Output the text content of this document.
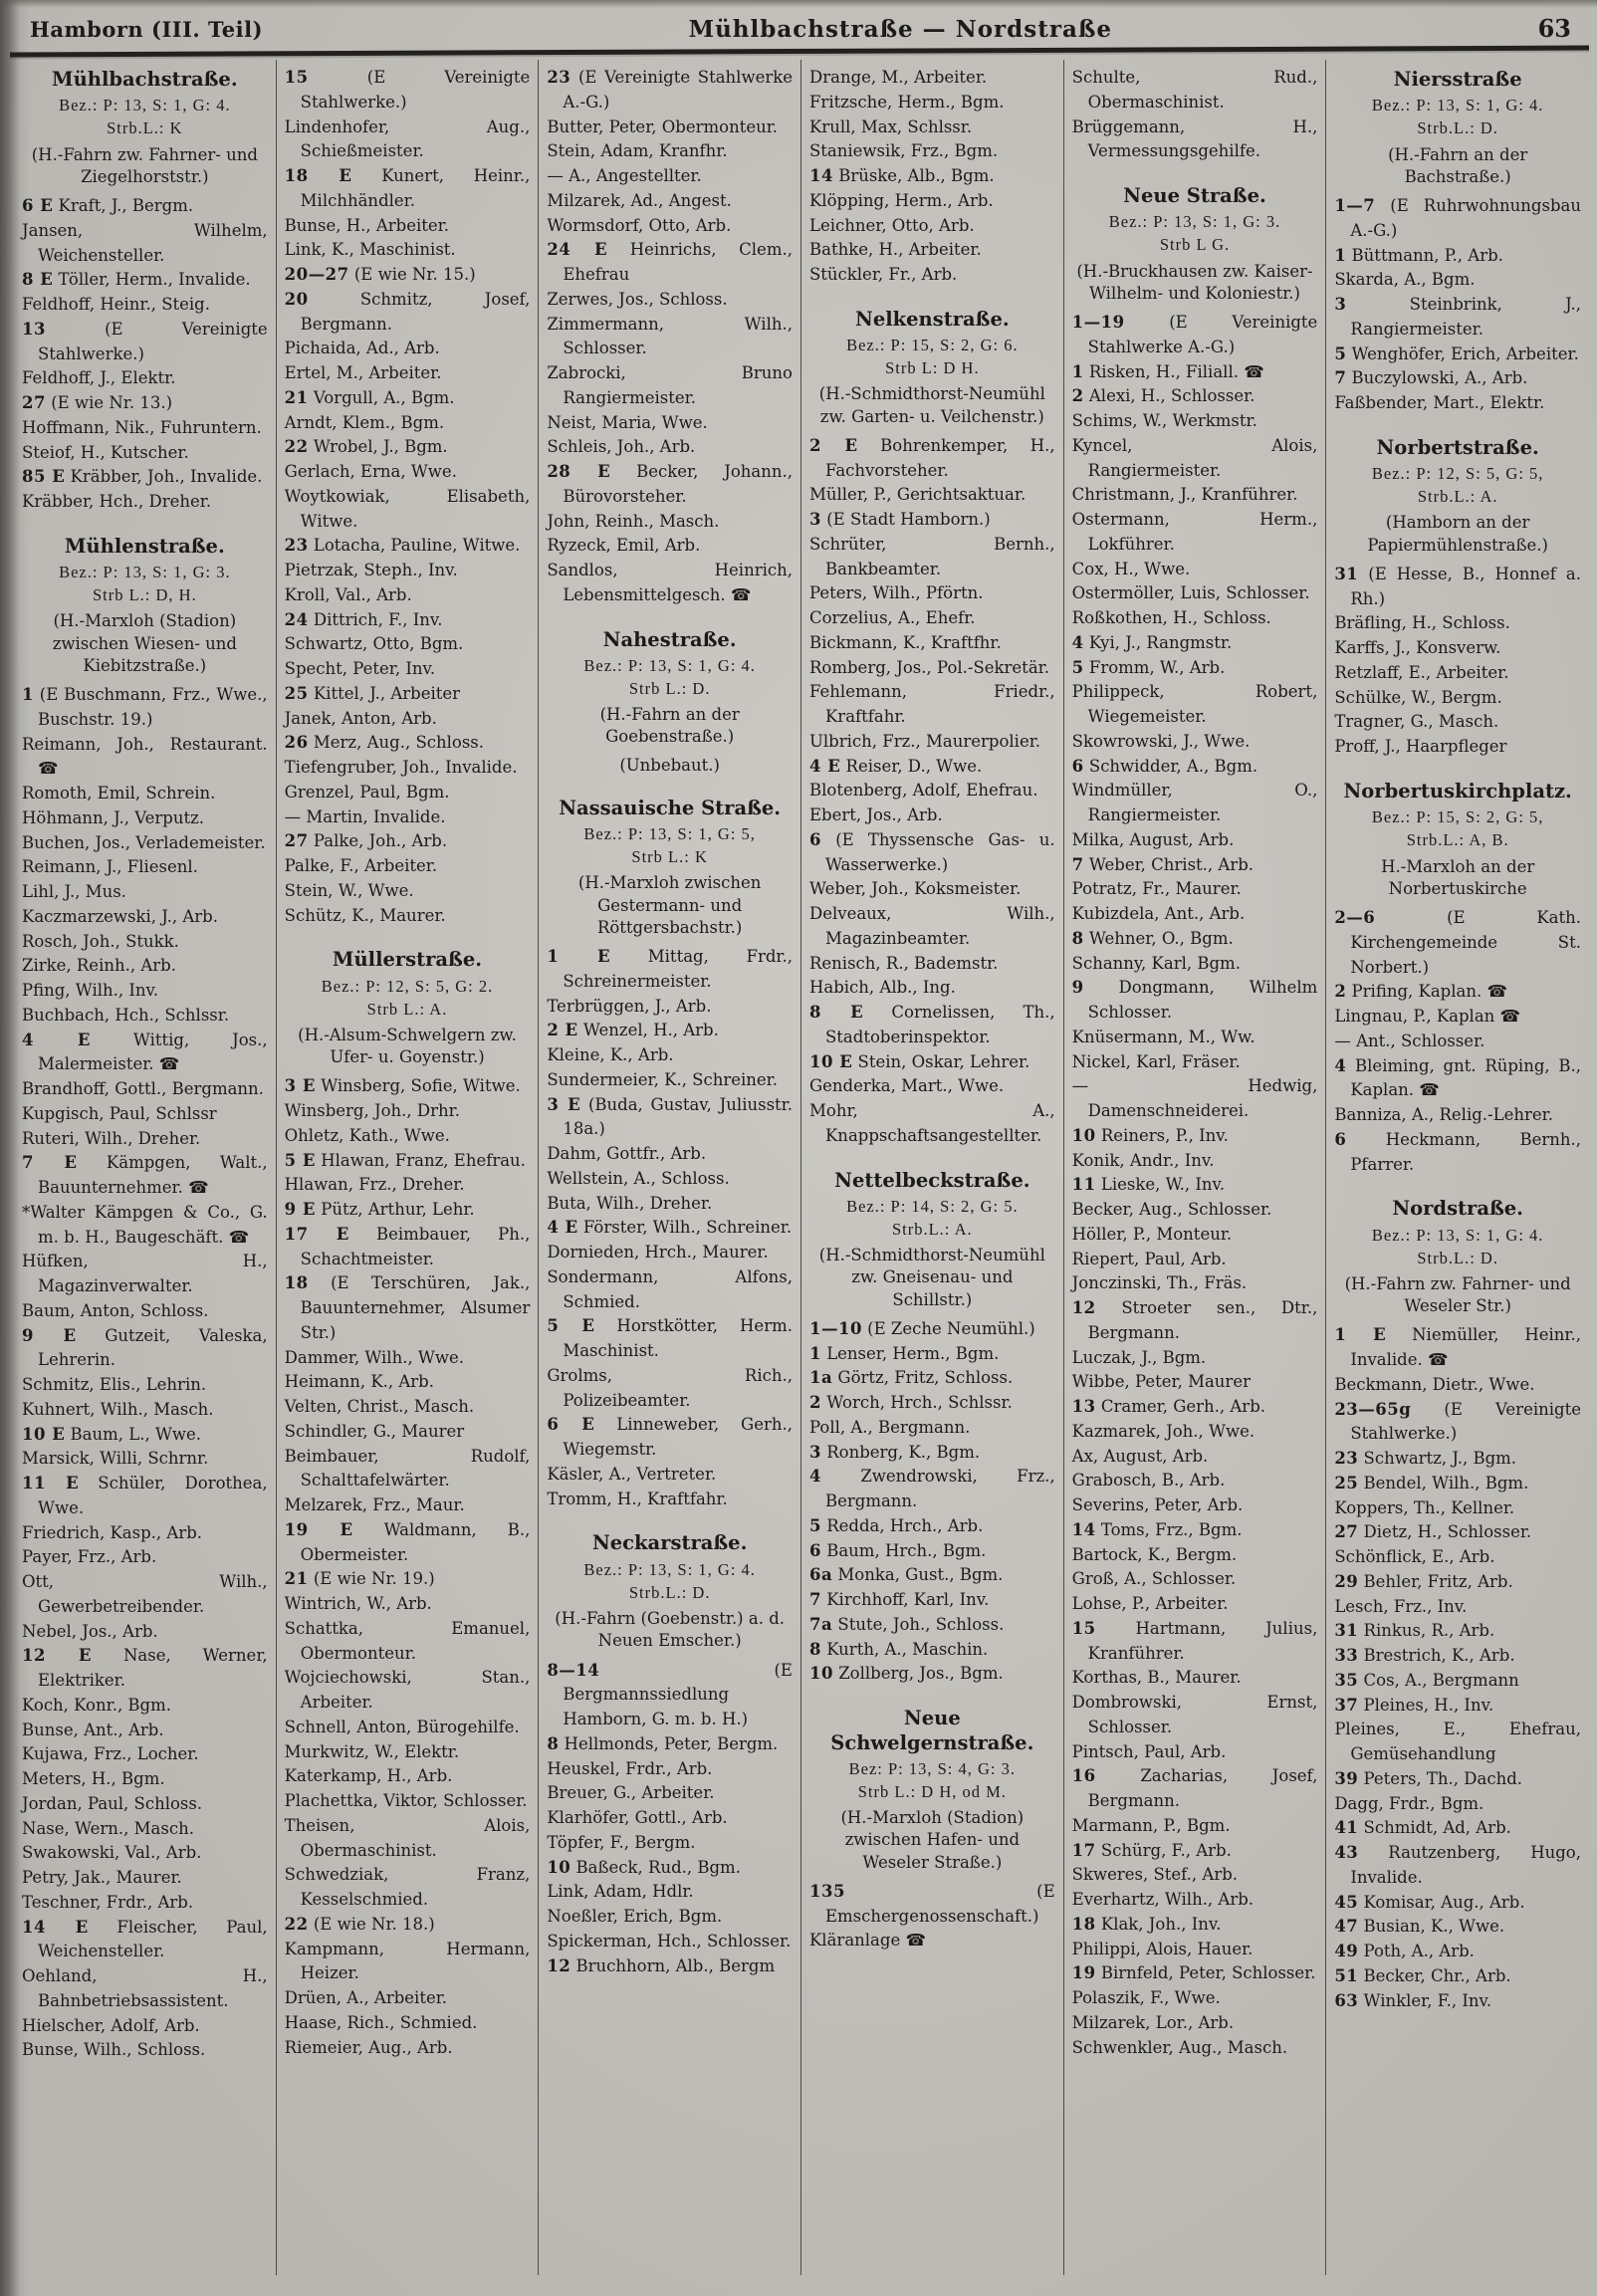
Hamborn (III. Teil)	Mühlbachstraße — Nordstraße	63
Mühlbachstraße.
Bez.: P: 13, S: 1, G: 4.
Strb.L.: K
(H.-Fahrn zw. Fahrner- und Ziegelhorststr.)
6 E Kraft, J., Bergm.
Jansen, Wilhelm, Weichensteller.
8 E Töller, Herm., Invalide.
Feldhoff, Heinr., Steig.
13 (E Vereinigte Stahlwerke.)
Feldhoff, J., Elektr.
27 (E wie Nr. 13.)
Hoffmann, Nik., Fuhruntern.
Steiof, H., Kutscher.
85 E Kräbber, Joh., Invalide.
Kräbber, Hch., Dreher.
Mühlenstraße.
Bez.: P: 13, S: 1, G: 3.
Strb L.: D, H.
(H.-Marxloh (Stadion) zwischen Wiesen- und Kiebitzstraße.)
1 (E Buschmann, Frz., Wwe., Buschstr. 19.)
Reimann, Joh., Restaurant. ☎
Romoth, Emil, Schrein.
Höhmann, J., Verputz.
Buchen, Jos., Verlademeister.
Reimann, J., Fliesenl.
Lihl, J., Mus.
Kaczmarzewski, J., Arb.
Rosch, Joh., Stukk.
Zirke, Reinh., Arb.
Pfing, Wilh., Inv.
Buchbach, Hch., Schlssr.
4 E Wittig, Jos., Malermeister. ☎
Brandhoff, Gottl., Bergmann.
Kupgisch, Paul, Schlssr
Ruteri, Wilh., Dreher.
7 E Kämpgen, Walt., Bauunternehmer. ☎
*Walter Kämpgen & Co., G. m. b. H., Baugeschäft. ☎
Hüfken, H., Magazinverwalter.
Baum, Anton, Schloss.
9 E Gutzeit, Valeska, Lehrerin.
Schmitz, Elis., Lehrin.
Kuhnert, Wilh., Masch.
10 E Baum, L., Wwe.
Marsick, Willi, Schrnr.
11 E Schüler, Dorothea, Wwe.
Friedrich, Kasp., Arb.
Payer, Frz., Arb.
Ott, Wilh., Gewerbetreibender.
Nebel, Jos., Arb.
12 E Nase, Werner, Elektriker.
Koch, Konr., Bgm.
Bunse, Ant., Arb.
Kujawa, Frz., Locher.
Meters, H., Bgm.
Jordan, Paul, Schloss.
Nase, Wern., Masch.
Swakowski, Val., Arb.
Petry, Jak., Maurer.
Teschner, Frdr., Arb.
14 E Fleischer, Paul, Weichensteller.
Oehland, H., Bahnbetriebsassistent.
Hielscher, Adolf, Arb.
Bunse, Wilh., Schloss.
15 (E Vereinigte Stahlwerke.)
Lindenhofer, Aug., Schießmeister.
18 E Kunert, Heinr., Milchhändler.
Bunse, H., Arbeiter.
Link, K., Maschinist.
20—27 (E wie Nr. 15.)
20 Schmitz, Josef, Bergmann.
Pichaida, Ad., Arb.
Ertel, M., Arbeiter.
21 Vorgull, A., Bgm.
Arndt, Klem., Bgm.
22 Wrobel, J., Bgm.
Gerlach, Erna, Wwe.
Woytkowiak, Elisabeth, Witwe.
23 Lotacha, Pauline, Witwe.
Pietrzak, Steph., Inv.
Kroll, Val., Arb.
24 Dittrich, F., Inv.
Schwartz, Otto, Bgm.
Specht, Peter, Inv.
25 Kittel, J., Arbeiter
Janek, Anton, Arb.
26 Merz, Aug., Schloss.
Tiefengruber, Joh., Invalide.
Grenzel, Paul, Bgm.
— Martin, Invalide.
27 Palke, Joh., Arb.
Palke, F., Arbeiter.
Stein, W., Wwe.
Schütz, K., Maurer.
Müllerstraße.
Bez.: P: 12, S: 5, G: 2.
Strb L.: A.
(H.-Alsum-Schwelgern zw. Ufer- u. Goyenstr.)
3 E Winsberg, Sofie, Witwe.
Winsberg, Joh., Drhr.
Ohletz, Kath., Wwe.
5 E Hlawan, Franz, Ehefrau.
Hlawan, Frz., Dreher.
9 E Pütz, Arthur, Lehr.
17 E Beimbauer, Ph., Schachtmeister.
18 (E Terschüren, Jak., Bauunternehmer, Alsumer Str.)
Dammer, Wilh., Wwe.
Heimann, K., Arb.
Velten, Christ., Masch.
Schindler, G., Maurer
Beimbauer, Rudolf, Schalttafelwärter.
Melzarek, Frz., Maur.
19 E Waldmann, B., Obermeister.
21 (E wie Nr. 19.)
Wintrich, W., Arb.
Schattka, Emanuel, Obermonteur.
Wojciechowski, Stan., Arbeiter.
Schnell, Anton, Bürogehilfe.
Murkwitz, W., Elektr.
Katerkamp, H., Arb.
Plachettka, Viktor, Schlosser.
Theisen, Alois, Obermaschinist.
Schwedziak, Franz, Kesselschmied.
22 (E wie Nr. 18.)
Kampmann, Hermann, Heizer.
Drüen, A., Arbeiter.
Haase, Rich., Schmied.
Riemeier, Aug., Arb.
23 (E Vereinigte Stahlwerke A.-G.)
Butter, Peter, Obermonteur.
Stein, Adam, Kranfhr.
— A., Angestellter.
Milzarek, Ad., Angest.
Wormsdorf, Otto, Arb.
24 E Heinrichs, Clem., Ehefrau
Zerwes, Jos., Schloss.
Zimmermann, Wilh., Schlosser.
Zabrocki, Bruno Rangiermeister.
Neist, Maria, Wwe.
Schleis, Joh., Arb.
28 E Becker, Johann., Bürovorsteher.
John, Reinh., Masch.
Ryzeck, Emil, Arb.
Sandlos, Heinrich, Lebensmittelgesch. ☎
Nahestraße.
Bez.: P: 13, S: 1, G: 4.
Strb L.: D.
(H.-Fahrn an der Goebenstraße.)
(Unbebaut.)
Nassauische Straße.
Bez.: P: 13, S: 1, G: 5,
Strb L.: K
(H.-Marxloh zwischen Gestermann- und Röttgersbachstr.)
1 E Mittag, Frdr., Schreinermeister.
Terbrüggen, J., Arb.
2 E Wenzel, H., Arb.
Kleine, K., Arb.
Sundermeier, K., Schreiner.
3 E (Buda, Gustav, Juliusstr. 18a.)
Dahm, Gottfr., Arb.
Wellstein, A., Schloss.
Buta, Wilh., Dreher.
4 E Förster, Wilh., Schreiner.
Dornieden, Hrch., Maurer.
Sondermann, Alfons, Schmied.
5 E Horstkötter, Herm. Maschinist.
Grolms, Rich., Polizeibeamter.
6 E Linneweber, Gerh., Wiegemstr.
Käsler, A., Vertreter.
Tromm, H., Kraftfahr.
Neckarstraße.
Bez.: P: 13, S: 1, G: 4.
Strb.L.: D.
(H.-Fahrn (Goebenstr.) a. d. Neuen Emscher.)
8—14 (E Bergmannssiedlung Hamborn, G. m. b. H.)
8 Hellmonds, Peter, Bergm.
Heuskel, Frdr., Arb.
Breuer, G., Arbeiter.
Klarhöfer, Gottl., Arb.
Töpfer, F., Bergm.
10 Baßeck, Rud., Bgm.
Link, Adam, Hdlr.
Noeßler, Erich, Bgm.
Spickerman, Hch., Schlosser.
12 Bruchhorn, Alb., Bergm
Drange, M., Arbeiter.
Fritzsche, Herm., Bgm.
Krull, Max, Schlssr.
Staniewsik, Frz., Bgm.
14 Brüske, Alb., Bgm.
Klöpping, Herm., Arb.
Leichner, Otto, Arb.
Bathke, H., Arbeiter.
Stückler, Fr., Arb.
Nelkenstraße.
Bez.: P: 15, S: 2, G: 6.
Strb L: D H.
(H.-Schmidthorst-Neumühl zw. Garten- u. Veilchenstr.)
2 E Bohrenkemper, H., Fachvorsteher.
Müller, P., Gerichtsaktuar.
3 (E Stadt Hamborn.)
Schrüter, Bernh., Bankbeamter.
Peters, Wilh., Pförtn.
Corzelius, A., Ehefr.
Bickmann, K., Kraftfhr.
Romberg, Jos., Pol.-Sekretär.
Fehlemann, Friedr., Kraftfahr.
Ulbrich, Frz., Maurerpolier.
4 E Reiser, D., Wwe.
Blotenberg, Adolf, Ehefrau.
Ebert, Jos., Arb.
6 (E Thyssensche Gas- u. Wasserwerke.)
Weber, Joh., Koksmeister.
Delveaux, Wilh., Magazinbeamter.
Renisch, R., Bademstr.
Habich, Alb., Ing.
8 E Cornelissen, Th., Stadtoberinspektor.
10 E Stein, Oskar, Lehrer.
Genderka, Mart., Wwe.
Mohr, A., Knappschaftsangestellter.
Nettelbeckstraße.
Bez.: P: 14, S: 2, G: 5.
Strb.L.: A.
(H.-Schmidthorst-Neumühl zw. Gneisenau- und Schillstr.)
1—10 (E Zeche Neumühl.)
1 Lenser, Herm., Bgm.
1a Görtz, Fritz, Schloss.
2 Worch, Hrch., Schlssr.
Poll, A., Bergmann.
3 Ronberg, K., Bgm.
4 Zwendrowski, Frz., Bergmann.
5 Redda, Hrch., Arb.
6 Baum, Hrch., Bgm.
6a Monka, Gust., Bgm.
7 Kirchhoff, Karl, Inv.
7a Stute, Joh., Schloss.
8 Kurth, A., Maschin.
10 Zollberg, Jos., Bgm.
Neue Schwelgernstraße.
Bez: P: 13, S: 4, G: 3.
Strb L.: D H, od M.
(H.-Marxloh (Stadion) zwischen Hafen- und Weseler Straße.)
135 (E Emschergenossenschaft.)
Kläranlage ☎
Schulte, Rud., Obermaschinist.
Brüggemann, H., Vermessungsgehilfe.
Neue Straße.
Bez.: P: 13, S: 1, G: 3.
Strb L G.
(H.-Bruckhausen zw. Kaiser-Wilhelm- und Koloniestr.)
1—19 (E Vereinigte Stahlwerke A.-G.)
1 Risken, H., Filiall. ☎
2 Alexi, H., Schlosser.
Schims, W., Werkmstr.
Kyncel, Alois, Rangiermeister.
Christmann, J., Kranführer.
Ostermann, Herm., Lokführer.
Cox, H., Wwe.
Ostermöller, Luis, Schlosser.
Roßkothen, H., Schloss.
4 Kyi, J., Rangmstr.
5 Fromm, W., Arb.
Philippeck, Robert, Wiegemeister.
Skowrowski, J., Wwe.
6 Schwidder, A., Bgm.
Windmüller, O., Rangiermeister.
Milka, August, Arb.
7 Weber, Christ., Arb.
Potratz, Fr., Maurer.
Kubizdela, Ant., Arb.
8 Wehner, O., Bgm.
Schanny, Karl, Bgm.
9 Dongmann, Wilhelm Schlosser.
Knüsermann, M., Ww.
Nickel, Karl, Fräser.
— Hedwig, Damenschneiderei.
10 Reiners, P., Inv.
Konik, Andr., Inv.
11 Lieske, W., Inv.
Becker, Aug., Schlosser.
Höller, P., Monteur.
Riepert, Paul, Arb.
Jonczinski, Th., Fräs.
12 Stroeter sen., Dtr., Bergmann.
Luczak, J., Bgm.
Wibbe, Peter, Maurer
13 Cramer, Gerh., Arb.
Kazmarek, Joh., Wwe.
Ax, August, Arb.
Grabosch, B., Arb.
Severins, Peter, Arb.
14 Toms, Frz., Bgm.
Bartock, K., Bergm.
Groß, A., Schlosser.
Lohse, P., Arbeiter.
15 Hartmann, Julius, Kranführer.
Korthas, B., Maurer.
Dombrowski, Ernst, Schlosser.
Pintsch, Paul, Arb.
16 Zacharias, Josef, Bergmann.
Marmann, P., Bgm.
17 Schürg, F., Arb.
Skweres, Stef., Arb.
Everhartz, Wilh., Arb.
18 Klak, Joh., Inv.
Philippi, Alois, Hauer.
19 Birnfeld, Peter, Schlosser.
Polaszik, F., Wwe.
Milzarek, Lor., Arb.
Schwenkler, Aug., Masch.
Niersstraße
Bez.: P: 13, S: 1, G: 4.
Strb.L.: D.
(H.-Fahrn an der Bachstraße.)
1—7 (E Ruhrwohnungsbau A.-G.)
1 Büttmann, P., Arb.
Skarda, A., Bgm.
3 Steinbrink, J., Rangiermeister.
5 Wenghöfer, Erich, Arbeiter.
7 Buczylowski, A., Arb.
Faßbender, Mart., Elektr.
Norbertstraße.
Bez.: P: 12, S: 5, G: 5,
Strb.L.: A.
(Hamborn an der Papiermühlenstraße.)
31 (E Hesse, B., Honnef a. Rh.)
Bräfling, H., Schloss.
Karffs, J., Konsverw.
Retzlaff, E., Arbeiter.
Schülke, W., Bergm.
Tragner, G., Masch.
Proff, J., Haarpfleger
Norbertuskirchplatz.
Bez.: P: 15, S: 2, G: 5,
Strb.L.: A, B.
H.-Marxloh an der Norbertuskirche
2—6 (E Kath. Kirchengemeinde St. Norbert.)
2 Prifing, Kaplan. ☎
Lingnau, P., Kaplan ☎
— Ant., Schlosser.
4 Bleiming, gnt. Rüping, B., Kaplan. ☎
Banniza, A., Relig.-Lehrer.
6 Heckmann, Bernh., Pfarrer.
Nordstraße.
Bez.: P: 13, S: 1, G: 4.
Strb.L.: D.
(H.-Fahrn zw. Fahrner- und Weseler Str.)
1 E Niemüller, Heinr., Invalide. ☎
Beckmann, Dietr., Wwe.
23—65g (E Vereinigte Stahlwerke.)
23 Schwartz, J., Bgm.
25 Bendel, Wilh., Bgm.
Koppers, Th., Kellner.
27 Dietz, H., Schlosser.
Schönflick, E., Arb.
29 Behler, Fritz, Arb.
Lesch, Frz., Inv.
31 Rinkus, R., Arb.
33 Brestrich, K., Arb.
35 Cos, A., Bergmann
37 Pleines, H., Inv.
Pleines, E., Ehefrau, Gemüsehandlung
39 Peters, Th., Dachd.
Dagg, Frdr., Bgm.
41 Schmidt, Ad, Arb.
43 Rautzenberg, Hugo, Invalide.
45 Komisar, Aug., Arb.
47 Busian, K., Wwe.
49 Poth, A., Arb.
51 Becker, Chr., Arb.
63 Winkler, F., Inv.
